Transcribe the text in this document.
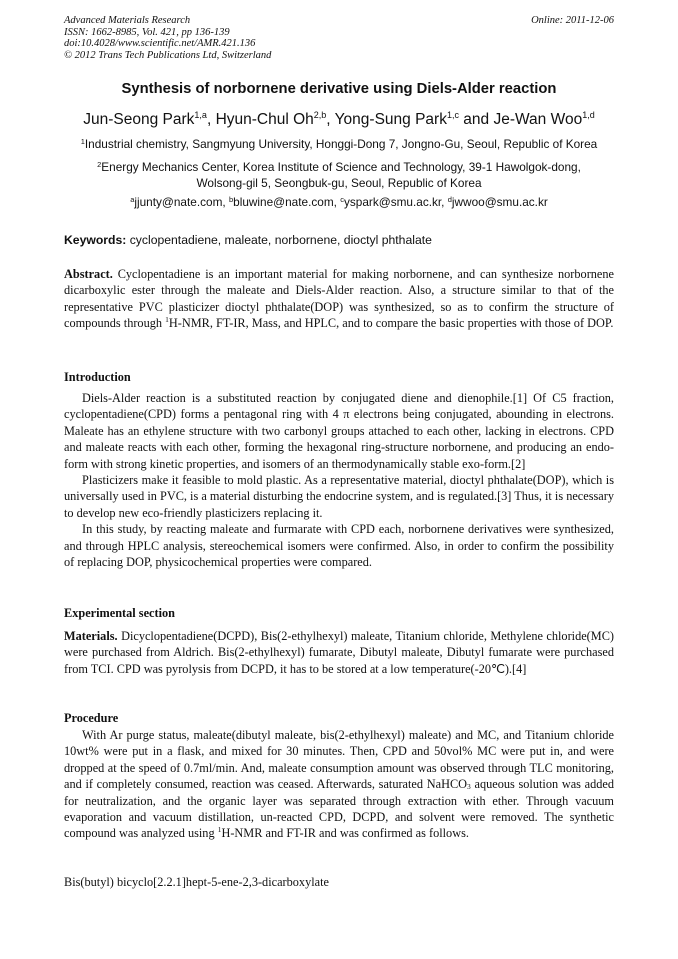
Advanced Materials Research
ISSN: 1662-8985, Vol. 421, pp 136-139
doi:10.4028/www.scientific.net/AMR.421.136
© 2012 Trans Tech Publications Ltd, Switzerland
Online: 2011-12-06
Synthesis of norbornene derivative using Diels-Alder reaction
Jun-Seong Park$^{1,a}$, Hyun-Chul Oh$^{2,b}$, Yong-Sung Park$^{1,c}$ and Je-Wan Woo$^{1,d}$
$^1$Industrial chemistry, Sangmyung University, Honggi-Dong 7, Jongno-Gu, Seoul, Republic of Korea
$^2$Energy Mechanics Center, Korea Institute of Science and Technology, 39-1 Hawolgok-dong,
Wolsong-gil 5, Seongbuk-gu, Seoul, Republic of Korea
$^a$jjunty@nate.com, $^b$bluwine@nate.com, $^c$yspark@smu.ac.kr, $^d$jwwoo@smu.ac.kr
Keywords: cyclopentadiene, maleate, norbornene, dioctyl phthalate

Abstract. Cyclopentadiene is an important material for making norbornene, and can synthesize norbornene dicarboxylic ester through the maleate and Diels-Alder reaction. Also, a structure similar to that of the representative PVC plasticizer dioctyl phthalate(DOP) was synthesized, so as to confirm the structure of compounds through $^1$H-NMR, FT-IR, Mass, and HPLC, and to compare the basic properties with those of DOP.

Introduction

Diels-Alder reaction is a substituted reaction by conjugated diene and dienophile.[1] Of C5 fraction, cyclopentadiene(CPD) forms a pentagonal ring with 4 π electrons being conjugated, abounding in electrons. Maleate has an ethylene structure with two carbonyl groups attached to each other, lacking in electrons. CPD and maleate reacts with each other, forming the hexagonal ring-structure norbornene, and producing an endo-form with strong kinetic properties, and isomers of an thermodynamically stable exo-form.[2]

Plasticizers make it feasible to mold plastic. As a representative material, dioctyl phthalate(DOP), which is universally used in PVC, is a material disturbing the endocrine system, and is regulated.[3] Thus, it is necessary to develop new eco-friendly plasticizers replacing it.

In this study, by reacting maleate and furmarate with CPD each, norbornene derivatives were synthesized, and through HPLC analysis, stereochemical isomers were confirmed. Also, in order to confirm the possibility of replacing DOP, physicochemical properties were compared.

Experimental section

Materials. Dicyclopentadiene(DCPD), Bis(2-ethylhexyl) maleate, Titanium chloride, Methylene chloride(MC) were purchased from Aldrich. Bis(2-ethylhexyl) fumarate, Dibutyl maleate, Dibutyl fumarate were purchased from TCI. CPD was pyrolysis from DCPD, it has to be stored at a low temperature(-20℃).[4]

Procedure

With Ar purge status, maleate(dibutyl maleate, bis(2-ethylhexyl) maleate) and MC, and Titanium chloride 10wt% were put in a flask, and mixed for 30 minutes. Then, CPD and 50vol% MC were put in, and were dropped at the speed of 0.7ml/min. And, maleate consumption amount was observed through TLC monitoring, and if completely consumed, reaction was ceased. Afterwards, saturated NaHCO$_3$ aqueous solution was added for neutralization, and the organic layer was separated through extraction with ether. Through vacuum evaporation and vacuum distillation, un-reacted CPD, DCPD, and solvent were removed. The synthetic compound was analyzed using $^1$H-NMR and FT-IR and was confirmed as follows.

Bis(butyl) bicyclo[2.2.1]hept-5-ene-2,3-dicarboxylate
